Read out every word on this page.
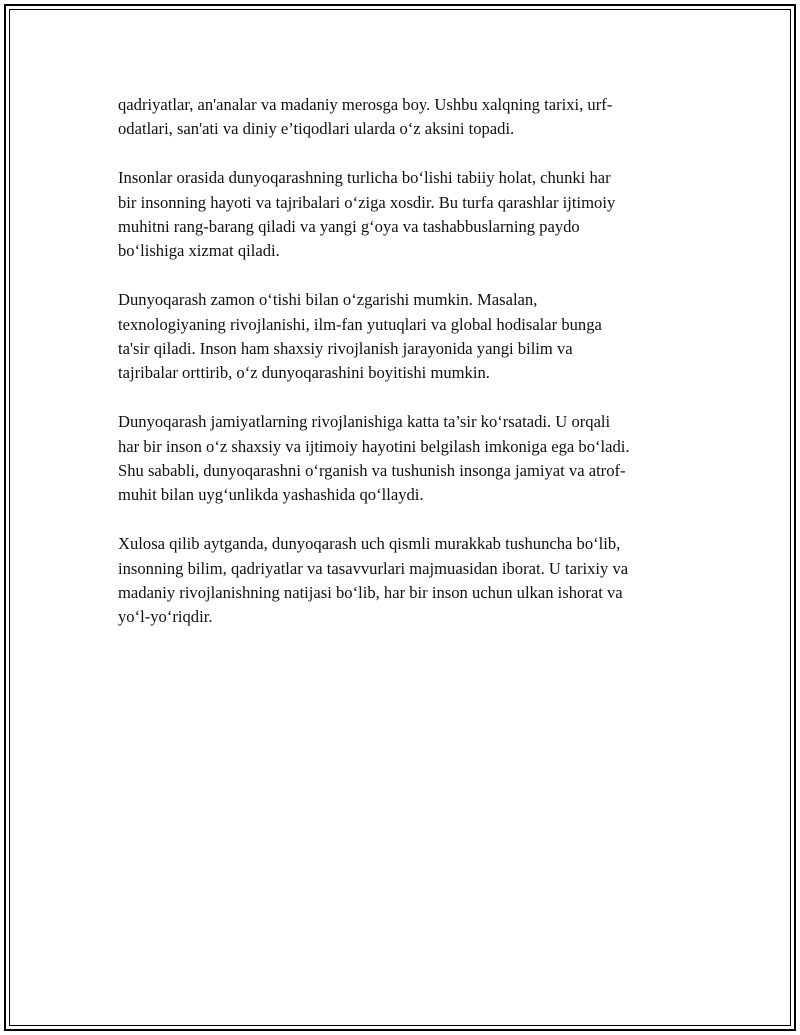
qadriyatlar, an'analar va madaniy merosga boy. Ushbu xalqning tarixi, urf-
odatlari, san'ati va diniy e’tiqodlari ularda o‘z aksini topadi.

Insonlar orasida dunyoqarashning turlicha bo‘lishi tabiiy holat, chunki har
bir insonning hayoti va tajribalari o‘ziga xosdir. Bu turfa qarashlar ijtimoiy
muhitni rang-barang qiladi va yangi g‘oya va tashabbuslarning paydo
bo‘lishiga xizmat qiladi.

Dunyoqarash zamon o‘tishi bilan o‘zgarishi mumkin. Masalan,
texnologiyaning rivojlanishi, ilm-fan yutuqlari va global hodisalar bunga
ta'sir qiladi. Inson ham shaxsiy rivojlanish jarayonida yangi bilim va
tajribalar orttirib, o‘z dunyoqarashini boyitishi mumkin.

Dunyoqarash jamiyatlarning rivojlanishiga katta ta’sir ko‘rsatadi. U orqali
har bir inson o‘z shaxsiy va ijtimoiy hayotini belgilash imkoniga ega bo‘ladi.
Shu sababli, dunyoqarashni o‘rganish va tushunish insonga jamiyat va atrof-
muhit bilan uyg‘unlikda yashashida qo‘llaydi.

Xulosa qilib aytganda, dunyoqarash uch qismli murakkab tushuncha bo‘lib,
insonning bilim, qadriyatlar va tasavvurlari majmuasidan iborat. U tarixiy va
madaniy rivojlanishning natijasi bo‘lib, har bir inson uchun ulkan ishorat va
yo‘l-yo‘riqdir.
